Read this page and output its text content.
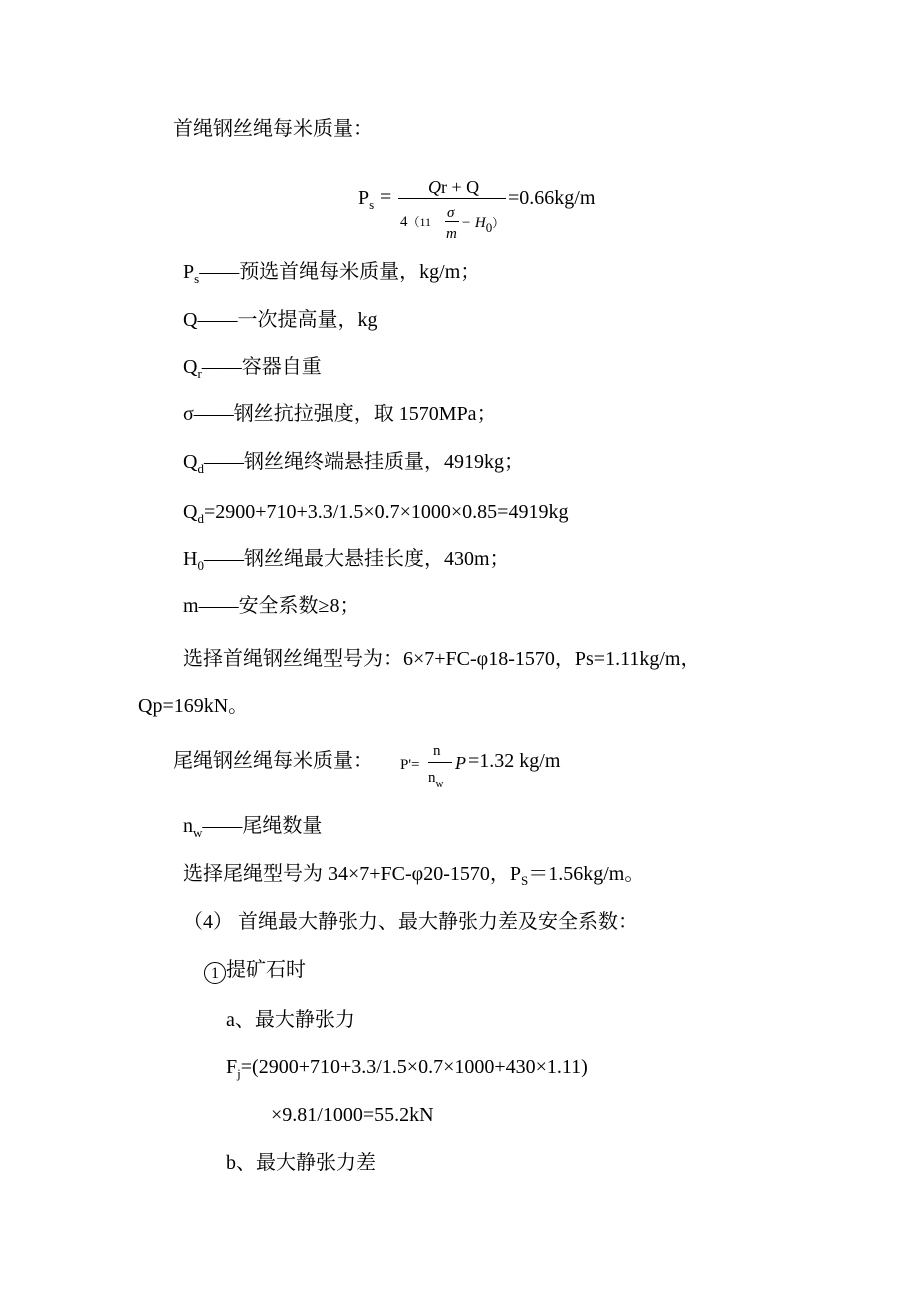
首绳钢丝绳每米质量：
$P_s = Qr + Q$
4（11
σ
m
− H0）
=0.66kg/m
$P_s——$预选首绳每米质量，kg/m；
Q——一次提高量，kg
$Q_r——$容器自重
σ——钢丝抗拉强度，取 1570MPa；
$Q_d——$钢丝绳终端悬挂质量，4919kg；
$Q_d=2900+710+3.3/1.5\times 0.7\times 1000\times 0.85=4919kg$
$H_0——$钢丝绳最大悬挂长度，430m；
m——安全系数≥8；
选择首绳钢丝绳型号为：6×7+FC-φ18-1570，Ps=1.11kg/m，
Qp=169kN。
尾绳钢丝绳每米质量： P'=
n
$n_w$
P =1.32 kg/m
$n_w——$尾绳数量
选择尾绳型号为 34×7+FC-φ20-1570，$P_S=1.56kg/m$。
（4） 首绳最大静张力、最大静张力差及安全系数：
1 提矿石时
a、最大静张力
$F_j=(2900+710+3.3/1.5\times 0.7\times 1000+430\times 1.11)$
×9.81/1000=55.2kN
b、最大静张力差
